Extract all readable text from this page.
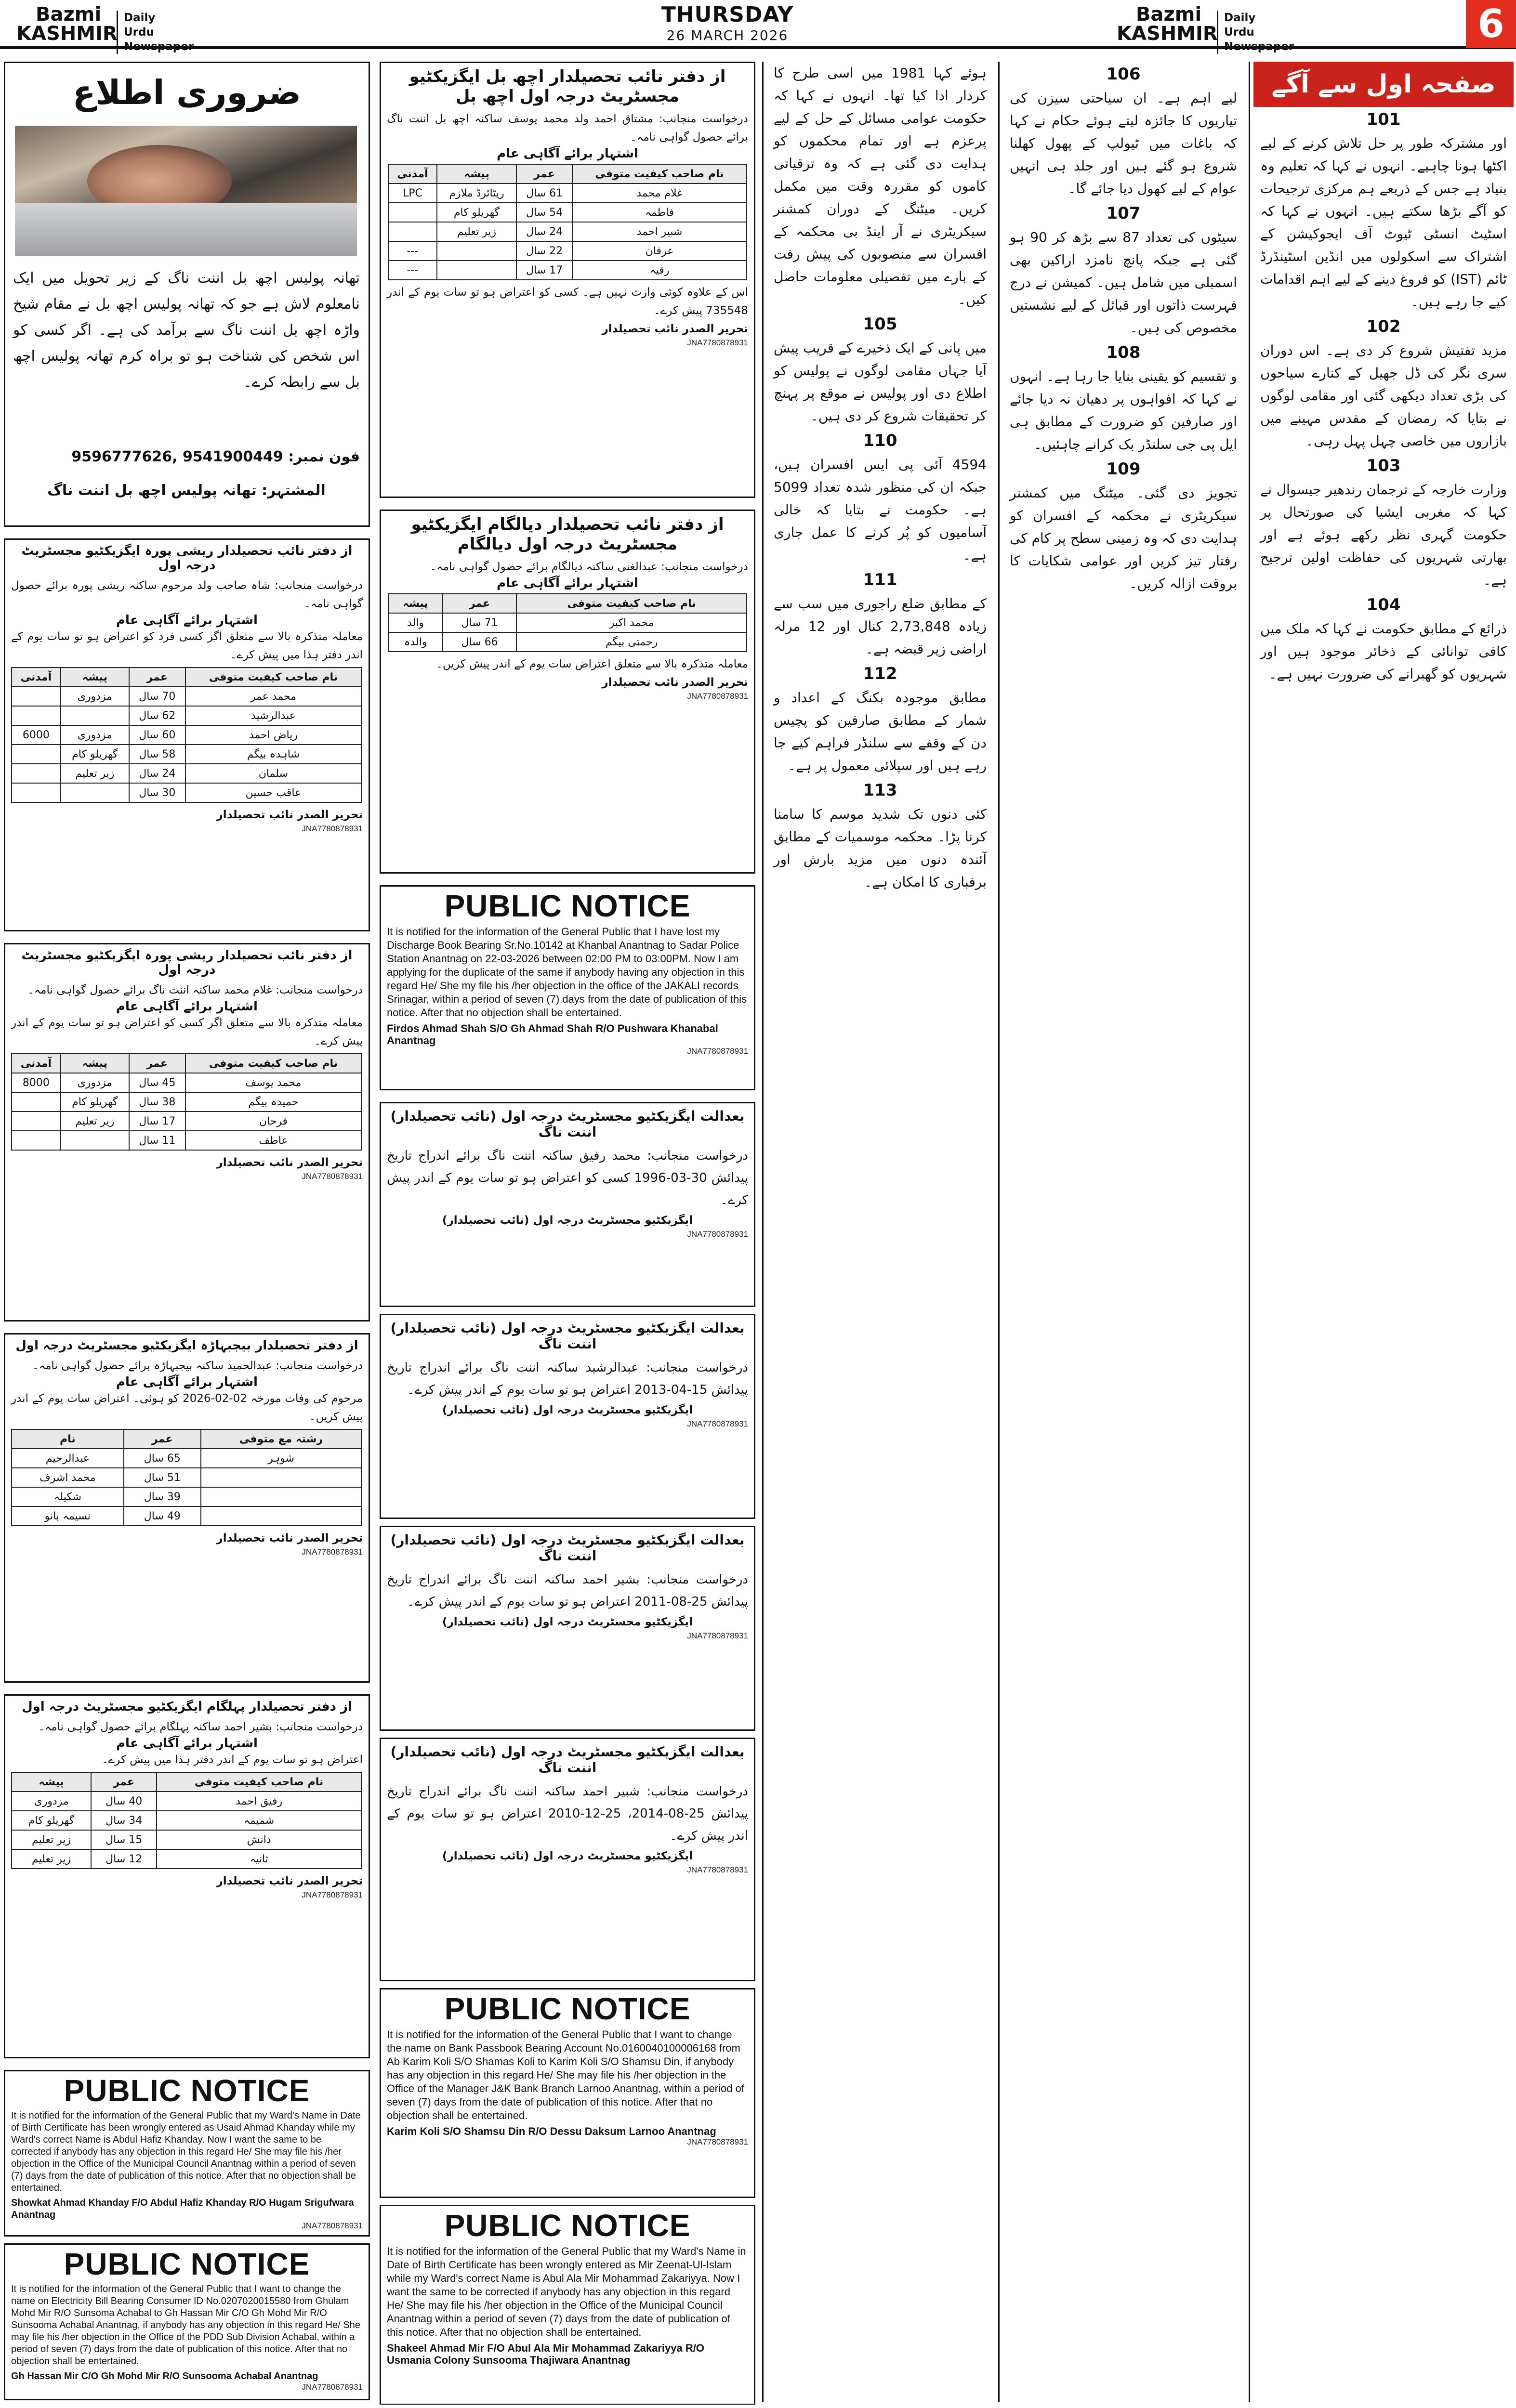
Bazmi
KASHMIR
Daily
Urdu Newspaper
THURSDAY
26 MARCH 2026
Bazmi
KASHMIR
Daily
Urdu Newspaper
6
ضروری اطلاع
تھانہ پولیس اچھ بل اننت ناگ کے زیر تحویل میں ایک نامعلوم لاش ہے جو کہ تھانہ پولیس اچھ بل نے مقام شیخ واڑہ اچھ بل اننت ناگ سے برآمد کی ہے۔ اگر کسی کو اس شخص کی شناخت ہو تو براہ کرم تھانہ پولیس اچھ بل سے رابطہ کرے۔
فون نمبر: 9596777626, 9541900449
المشتہر: تھانہ پولیس اچھ بل اننت ناگ
از دفتر نائب تحصیلدار ریشی پورہ ایگزیکٹیو مجسٹریٹ درجہ اول
درخواست منجانب: شاہ صاحب ولد مرحوم ساکنہ ریشی پورہ برائے حصول گواہی نامہ۔
اشتہار برائے آگاہی عام
معاملہ متذکرہ بالا سے متعلق اگر کسی فرد کو اعتراض ہو تو سات یوم کے اندر دفتر ہذا میں پیش کرے۔
نام صاحب کیفیت متوفی	عمر	پیشہ	آمدنی
محمد عمر	70 سال	مزدوری	
عبدالرشید	62 سال		
ریاض احمد	60 سال	مزدوری	6000
شاہدہ بیگم	58 سال	گھریلو کام	
سلمان	24 سال	زیر تعلیم	
عاقب حسین	30 سال		
تحریر الصدر نائب تحصیلدار
JNA7780878931
از دفتر نائب تحصیلدار ریشی پورہ ایگزیکٹیو مجسٹریٹ درجہ اول
درخواست منجانب: غلام محمد ساکنہ اننت ناگ برائے حصول گواہی نامہ۔
اشتہار برائے آگاہی عام
معاملہ متذکرہ بالا سے متعلق اگر کسی کو اعتراض ہو تو سات یوم کے اندر پیش کرے۔
نام صاحب کیفیت متوفی	عمر	پیشہ	آمدنی
محمد یوسف	45 سال	مزدوری	8000
حمیدہ بیگم	38 سال	گھریلو کام	
فرحان	17 سال	زیر تعلیم	
عاطف	11 سال		
تحریر الصدر نائب تحصیلدار
JNA7780878931
از دفتر تحصیلدار بیجبہاڑہ ایگزیکٹیو مجسٹریٹ درجہ اول
درخواست منجانب: عبدالحمید ساکنہ بیجبہاڑہ برائے حصول گواہی نامہ۔
اشتہار برائے آگاہی عام
مرحوم کی وفات مورخہ 02-02-2026 کو ہوئی۔ اعتراض سات یوم کے اندر پیش کریں۔
رشتہ مع متوفی	عمر	نام
شوہر	65 سال	عبدالرحیم
	51 سال	محمد اشرف
	39 سال	شکیلہ
	49 سال	نسیمہ بانو
تحریر الصدر نائب تحصیلدار
JNA7780878931
از دفتر تحصیلدار پہلگام ایگزیکٹیو مجسٹریٹ درجہ اول
درخواست منجانب: بشیر احمد ساکنہ پہلگام برائے حصول گواہی نامہ۔
اشتہار برائے آگاہی عام
اعتراض ہو تو سات یوم کے اندر دفتر ہذا میں پیش کرے۔
نام صاحب کیفیت متوفی	عمر	پیشہ
رفیق احمد	40 سال	مزدوری
شمیمہ	34 سال	گھریلو کام
دانش	15 سال	زیر تعلیم
ثانیہ	12 سال	زیر تعلیم
تحریر الصدر نائب تحصیلدار
JNA7780878931
PUBLIC NOTICE
It is notified for the information of the General Public that my Ward's Name in Date of Birth Certificate has been wrongly entered as Usaid Ahmad Khanday while my Ward's correct Name is Abdul Hafiz Khanday. Now I want the same to be corrected if anybody has any objection in this regard He/ She may file his /her objection in the Office of the Municipal Council Anantnag within a period of seven (7) days from the date of publication of this notice. After that no objection shall be entertained.
Showkat Ahmad Khanday F/O Abdul Hafiz Khanday R/O Hugam Srigufwara Anantnag
JNA7780878931
PUBLIC NOTICE
It is notified for the information of the General Public that I want to change the name on Electricity Bill Bearing Consumer ID No.0207020015580 from Ghulam Mohd Mir R/O Sunsoma Achabal to Gh Hassan Mir C/O Gh Mohd Mir R/O Sunsooma Achabal Anantnag, if anybody has any objection in this regard He/ She may file his /her objection in the Office of the PDD Sub Division Achabal, within a period of seven (7) days from the date of publication of this notice. After that no objection shall be entertained.
Gh Hassan Mir C/O Gh Mohd Mir R/O Sunsooma Achabal Anantnag
JNA7780878931
از دفتر نائب تحصیلدار اچھ بل ایگزیکٹیو مجسٹریٹ درجہ اول اچھ بل
درخواست منجانب: مشتاق احمد ولد محمد یوسف ساکنہ اچھ بل اننت ناگ برائے حصول گواہی نامہ۔
اشتہار برائے آگاہی عام
نام صاحب کیفیت متوفی	عمر	پیشہ	آمدنی
غلام محمد	61 سال	ریٹائرڈ ملازم	LPC
فاطمہ	54 سال	گھریلو کام	
شبیر احمد	24 سال	زیر تعلیم	
عرفان	22 سال		---
رقیہ	17 سال		---
اس کے علاوہ کوئی وارث نہیں ہے۔ کسی کو اعتراض ہو تو سات یوم کے اندر 735548 پیش کرے۔
تحریر الصدر نائب تحصیلدار
JNA7780878931
از دفتر نائب تحصیلدار دیالگام ایگزیکٹیو مجسٹریٹ درجہ اول دیالگام
درخواست منجانب: عبدالغنی ساکنہ دیالگام برائے حصول گواہی نامہ۔
اشتہار برائے آگاہی عام
نام صاحب کیفیت متوفی	عمر	پیشہ
محمد اکبر	71 سال	والد
رحمتی بیگم	66 سال	والدہ
معاملہ متذکرہ بالا سے متعلق اعتراض سات یوم کے اندر پیش کریں۔
تحریر الصدر نائب تحصیلدار
JNA7780878931
PUBLIC NOTICE
It is notified for the information of the General Public that I have lost my Discharge Book Bearing Sr.No.10142 at Khanbal Anantnag to Sadar Police Station Anantnag on 22-03-2026 between 02:00 PM to 03:00PM. Now I am applying for the duplicate of the same if anybody having any objection in this regard He/ She my file his /her objection in the office of the JAKALI records Srinagar, within a period of seven (7) days from the date of publication of this notice. After that no objection shall be entertained.
Firdos Ahmad Shah S/O Gh Ahmad Shah R/O Pushwara Khanabal Anantnag
JNA7780878931
بعدالت ایگزیکٹیو مجسٹریٹ درجہ اول (نائب تحصیلدار) اننت ناگ
درخواست منجانب: محمد رفیق ساکنہ اننت ناگ برائے اندراج تاریخ پیدائش 30-03-1996 کسی کو اعتراض ہو تو سات یوم کے اندر پیش کرے۔
ایگزیکٹیو مجسٹریٹ درجہ اول (نائب تحصیلدار)
JNA7780878931
بعدالت ایگزیکٹیو مجسٹریٹ درجہ اول (نائب تحصیلدار) اننت ناگ
درخواست منجانب: عبدالرشید ساکنہ اننت ناگ برائے اندراج تاریخ پیدائش 15-04-2013 اعتراض ہو تو سات یوم کے اندر پیش کرے۔
ایگزیکٹیو مجسٹریٹ درجہ اول (نائب تحصیلدار)
JNA7780878931
بعدالت ایگزیکٹیو مجسٹریٹ درجہ اول (نائب تحصیلدار) اننت ناگ
درخواست منجانب: بشیر احمد ساکنہ اننت ناگ برائے اندراج تاریخ پیدائش 25-08-2011 اعتراض ہو تو سات یوم کے اندر پیش کرے۔
ایگزیکٹیو مجسٹریٹ درجہ اول (نائب تحصیلدار)
JNA7780878931
بعدالت ایگزیکٹیو مجسٹریٹ درجہ اول (نائب تحصیلدار) اننت ناگ
درخواست منجانب: شبیر احمد ساکنہ اننت ناگ برائے اندراج تاریخ پیدائش 25-08-2014، 25-12-2010 اعتراض ہو تو سات یوم کے اندر پیش کرے۔
ایگزیکٹیو مجسٹریٹ درجہ اول (نائب تحصیلدار)
JNA7780878931
PUBLIC NOTICE
It is notified for the information of the General Public that I want to change the name on Bank Passbook Bearing Account No.0160040100006168 from Ab Karim Koli S/O Shamas Koli to Karim Koli S/O Shamsu Din, if anybody has any objection in this regard He/ She may file his /her objection in the Office of the Manager J&K Bank Branch Larnoo Anantnag, within a period of seven (7) days from the date of publication of this notice. After that no objection shall be entertained.
Karim Koli S/O Shamsu Din R/O Dessu Daksum Larnoo Anantnag
JNA7780878931
PUBLIC NOTICE
It is notified for the information of the General Public that my Ward's Name in Date of Birth Certificate has been wrongly entered as Mir Zeenat-Ul-Islam while my Ward's correct Name is Abul Ala Mir Mohammad Zakariyya. Now I want the same to be corrected if anybody has any objection in this regard He/ She may file his /her objection in the Office of the Municipal Council Anantnag within a period of seven (7) days from the date of publication of this notice. After that no objection shall be entertained.
Shakeel Ahmad Mir F/O Abul Ala Mir Mohammad Zakariyya R/O Usmania Colony Sunsooma Thajiwara Anantnag

ہوئے کہا 1981 میں اسی طرح کا کردار ادا کیا تھا۔ انہوں نے کہا کہ حکومت عوامی مسائل کے حل کے لیے پرعزم ہے اور تمام محکموں کو ہدایت دی گئی ہے کہ وہ ترقیاتی کاموں کو مقررہ وقت میں مکمل کریں۔ میٹنگ کے دوران کمشنر سیکریٹری نے آر اینڈ بی محکمہ کے افسران سے منصوبوں کی پیش رفت کے بارے میں تفصیلی معلومات حاصل کیں۔

105

میں پانی کے ایک ذخیرے کے قریب پیش آیا جہاں مقامی لوگوں نے پولیس کو اطلاع دی اور پولیس نے موقع پر پہنچ کر تحقیقات شروع کر دی ہیں۔

110

4594 آئی پی ایس افسران ہیں، جبکہ ان کی منظور شدہ تعداد 5099 ہے۔ حکومت نے بتایا کہ خالی آسامیوں کو پُر کرنے کا عمل جاری ہے۔

111

کے مطابق ضلع راجوری میں سب سے زیادہ 2,73,848 کنال اور 12 مرلہ اراضی زیر قبضہ ہے۔

112

مطابق موجودہ بکنگ کے اعداد و شمار کے مطابق صارفین کو پچیس دن کے وقفے سے سلنڈر فراہم کیے جا رہے ہیں اور سپلائی معمول پر ہے۔

113

کئی دنوں تک شدید موسم کا سامنا کرنا پڑا۔ محکمہ موسمیات کے مطابق آئندہ دنوں میں مزید بارش اور برفباری کا امکان ہے۔

106

لیے اہم ہے۔ ان سیاحتی سیزن کی تیاریوں کا جائزہ لیتے ہوئے حکام نے کہا کہ باغات میں ٹیولپ کے پھول کھلنا شروع ہو گئے ہیں اور جلد ہی انہیں عوام کے لیے کھول دیا جائے گا۔

107

سیٹوں کی تعداد 87 سے بڑھ کر 90 ہو گئی ہے جبکہ پانچ نامزد اراکین بھی اسمبلی میں شامل ہیں۔ کمیشن نے درج فہرست ذاتوں اور قبائل کے لیے نشستیں مخصوص کی ہیں۔

108

و تقسیم کو یقینی بنایا جا رہا ہے۔ انہوں نے کہا کہ افواہوں پر دھیان نہ دیا جائے اور صارفین کو ضرورت کے مطابق ہی ایل پی جی سلنڈر بک کرانے چاہئیں۔

109

تجویز دی گئی۔ میٹنگ میں کمشنر سیکریٹری نے محکمہ کے افسران کو ہدایت دی کہ وہ زمینی سطح پر کام کی رفتار تیز کریں اور عوامی شکایات کا بروقت ازالہ کریں۔

صفحہ اول سے آگے
101

اور مشترکہ طور پر حل تلاش کرنے کے لیے اکٹھا ہونا چاہیے۔ انہوں نے کہا کہ تعلیم وہ بنیاد ہے جس کے ذریعے ہم مرکزی ترجیحات کو آگے بڑھا سکتے ہیں۔ انہوں نے کہا کہ اسٹیٹ انسٹی ٹیوٹ آف ایجوکیشن کے اشتراک سے اسکولوں میں انڈین اسٹینڈرڈ ٹائم (IST) کو فروغ دینے کے لیے اہم اقدامات کیے جا رہے ہیں۔

102

مزید تفتیش شروع کر دی ہے۔ اس دوران سری نگر کی ڈل جھیل کے کنارے سیاحوں کی بڑی تعداد دیکھی گئی اور مقامی لوگوں نے بتایا کہ رمضان کے مقدس مہینے میں بازاروں میں خاصی چہل پہل رہی۔

103

وزارت خارجہ کے ترجمان رندھیر جیسوال نے کہا کہ مغربی ایشیا کی صورتحال پر حکومت گہری نظر رکھے ہوئے ہے اور بھارتی شہریوں کی حفاظت اولین ترجیح ہے۔

104

ذرائع کے مطابق حکومت نے کہا کہ ملک میں کافی توانائی کے ذخائر موجود ہیں اور شہریوں کو گھبرانے کی ضرورت نہیں ہے۔
